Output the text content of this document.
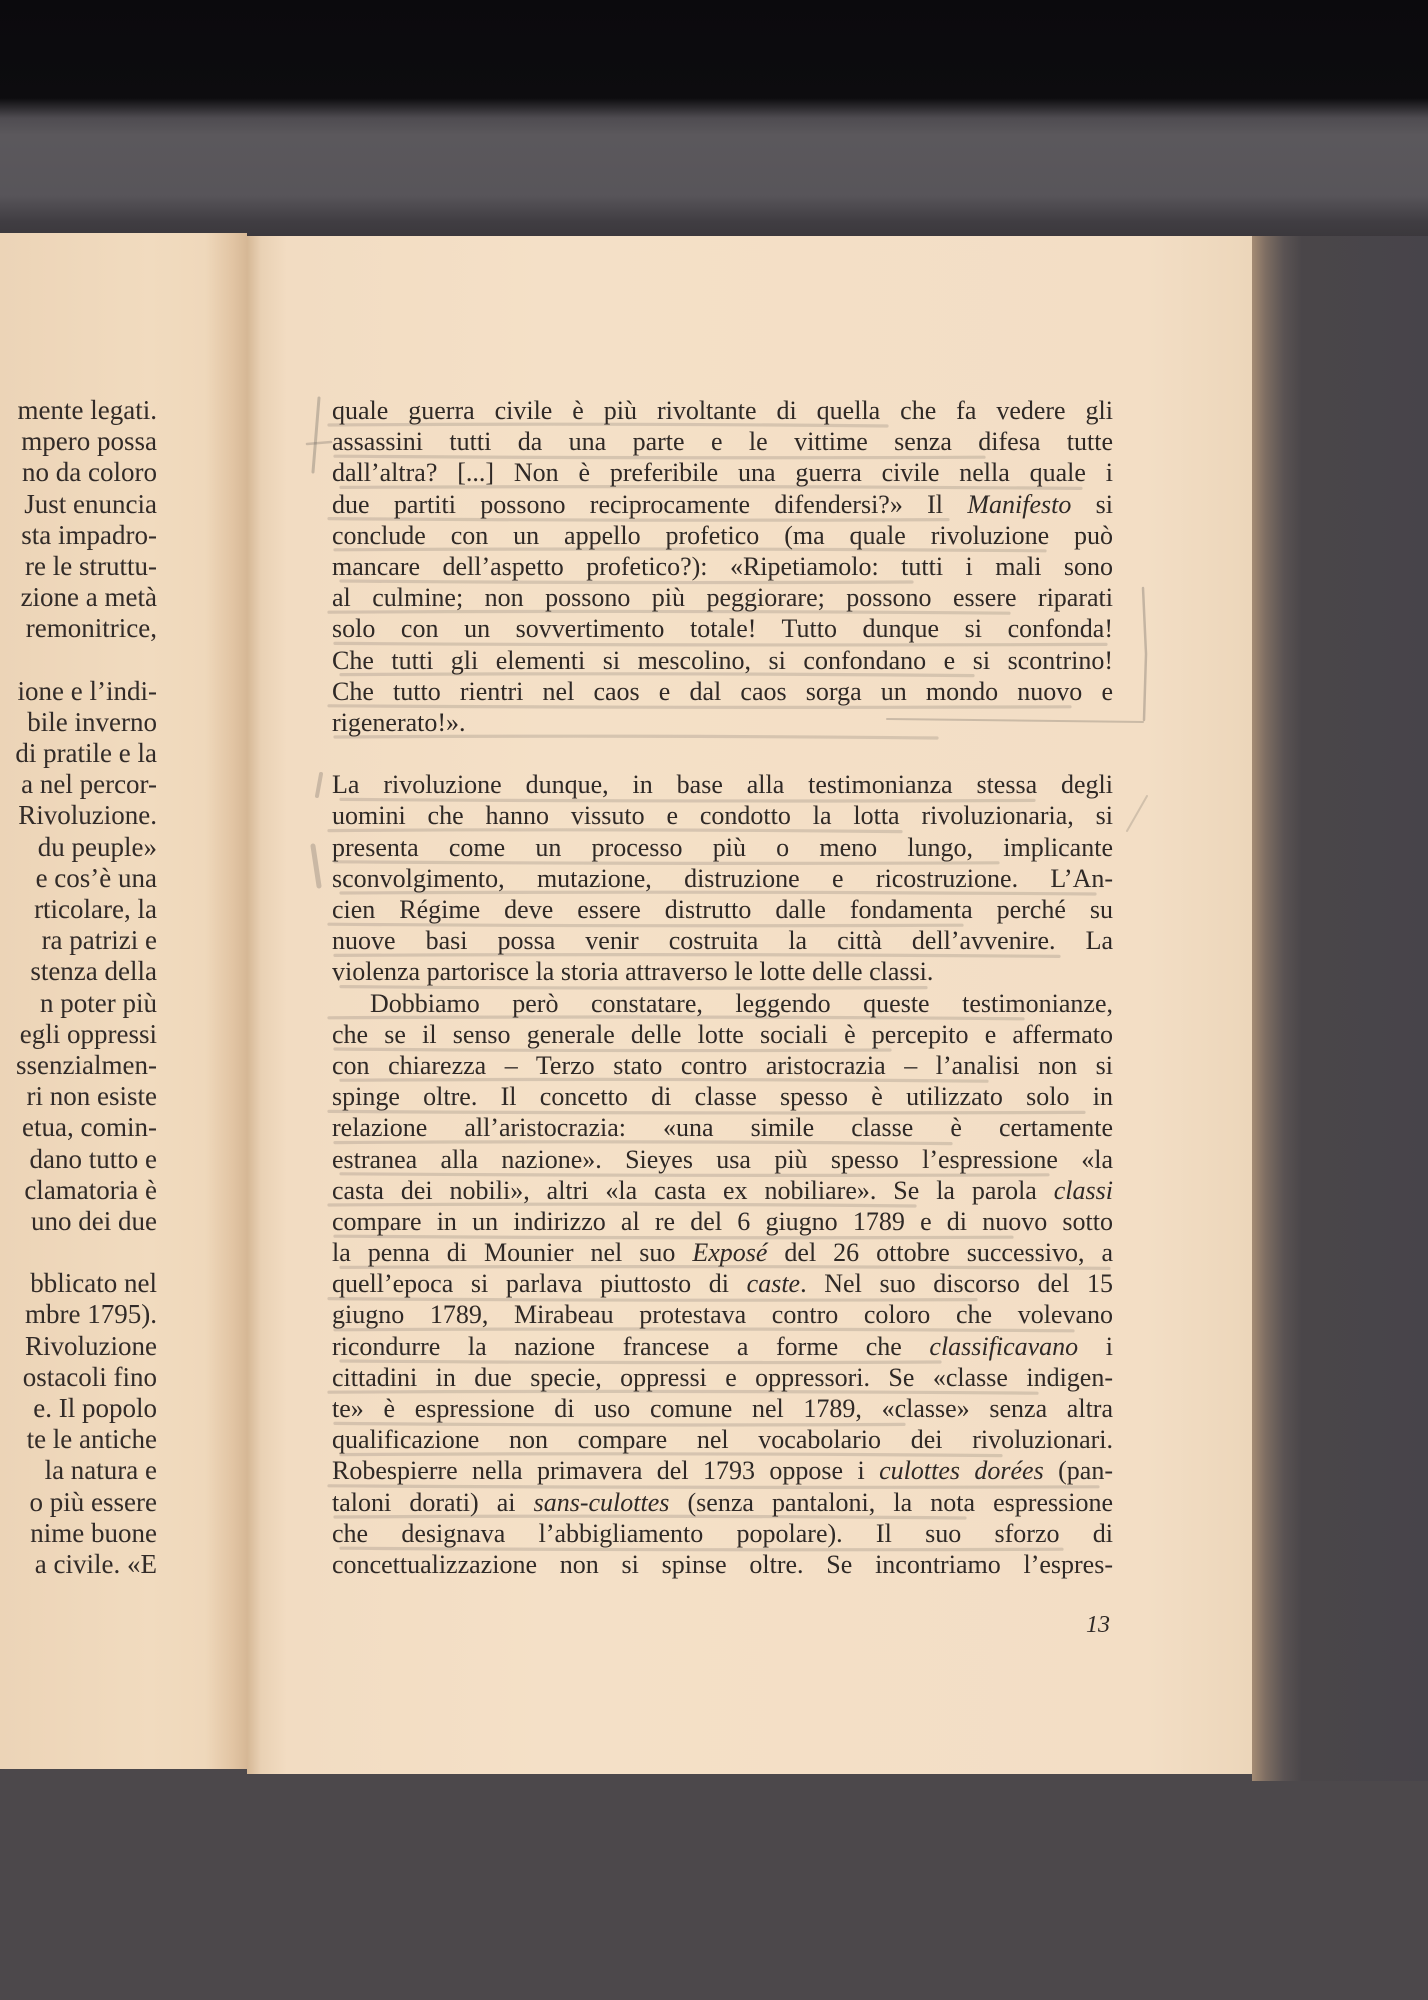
mente legati.
mpero possa
no da coloro
Just enuncia
sta impadro-
re le struttu-
zione a metà
remonitrice,
ione e l’indi-
bile inverno
di pratile e la
a nel percor-
Rivoluzione.
du peuple»
e cos’è una
rticolare, la
ra patrizi e
stenza della
n poter più
egli oppressi
ssenzialmen-
ri non esiste
etua, comin-
dano tutto e
clamatoria è
uno dei due
bblicato nel
mbre 1795).
Rivoluzione
ostacoli fino
e. Il popolo
te le antiche
la natura e
o più essere
nime buone
a civile. «E
quale guerra civile è più rivoltante di quella che fa vedere gli
assassini tutti da una parte e le vittime senza difesa tutte
dall’altra? [...] Non è preferibile una guerra civile nella quale i
due partiti possono reciprocamente difendersi?» Il Manifesto si
conclude con un appello profetico (ma quale rivoluzione può
mancare dell’aspetto profetico?): «Ripetiamolo: tutti i mali sono
al culmine; non possono più peggiorare; possono essere riparati
solo con un sovvertimento totale! Tutto dunque si confonda!
Che tutti gli elementi si mescolino, si confondano e si scontrino!
Che tutto rientri nel caos e dal caos sorga un mondo nuovo e
rigenerato!».
La rivoluzione dunque, in base alla testimonianza stessa degli
uomini che hanno vissuto e condotto la lotta rivoluzionaria, si
presenta come un processo più o meno lungo, implicante
sconvolgimento, mutazione, distruzione e ricostruzione. L’An-
cien Régime deve essere distrutto dalle fondamenta perché su
nuove basi possa venir costruita la città dell’avvenire. La
violenza partorisce la storia attraverso le lotte delle classi.
Dobbiamo però constatare, leggendo queste testimonianze,
che se il senso generale delle lotte sociali è percepito e affermato
con chiarezza – Terzo stato contro aristocrazia – l’analisi non si
spinge oltre. Il concetto di classe spesso è utilizzato solo in
relazione all’aristocrazia: «una simile classe è certamente
estranea alla nazione». Sieyes usa più spesso l’espressione «la
casta dei nobili», altri «la casta ex nobiliare». Se la parola classi
compare in un indirizzo al re del 6 giugno 1789 e di nuovo sotto
la penna di Mounier nel suo Exposé del 26 ottobre successivo, a
quell’epoca si parlava piuttosto di caste. Nel suo discorso del 15
giugno 1789, Mirabeau protestava contro coloro che volevano
ricondurre la nazione francese a forme che classificavano i
cittadini in due specie, oppressi e oppressori. Se «classe indigen-
te» è espressione di uso comune nel 1789, «classe» senza altra
qualificazione non compare nel vocabolario dei rivoluzionari.
Robespierre nella primavera del 1793 oppose i culottes dorées (pan-
taloni dorati) ai sans-culottes (senza pantaloni, la nota espressione
che designava l’abbigliamento popolare). Il suo sforzo di
concettualizzazione non si spinse oltre. Se incontriamo l’espres-
13
